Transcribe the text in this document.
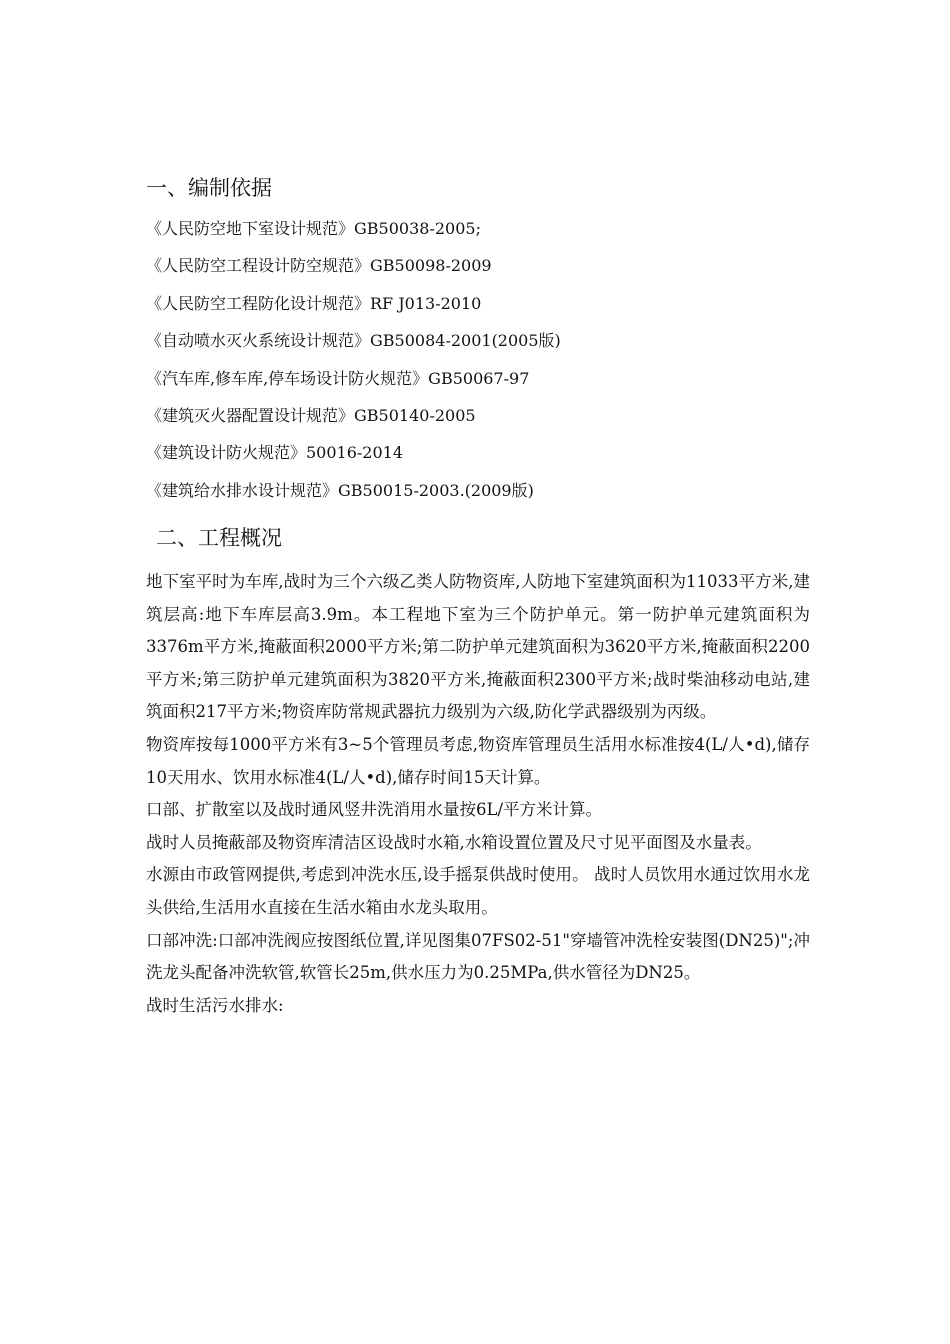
一、编制依据
《人民防空地下室设计规范》GB50038-2005;
《人民防空工程设计防空规范》GB50098-2009
《人民防空工程防化设计规范》RF J013-2010
《自动喷水灭火系统设计规范》GB50084-2001(2005版)
《汽车库,修车库,停车场设计防火规范》GB50067-97
《建筑灭火器配置设计规范》GB50140-2005
《建筑设计防火规范》50016-2014
《建筑给水排水设计规范》GB50015-2003.(2009版)
二、工程概况

地下室平时为车库,战时为三个六级乙类人防物资库,人防地下室建筑面积为11033平方米,建筑层高:地下车库层高3.9m。本工程地下室为三个防护单元。第一防护单元建筑面积为3376m平方米,掩蔽面积2000平方米;第二防护单元建筑面积为3620平方米,掩蔽面积2200平方米;第三防护单元建筑面积为3820平方米,掩蔽面积2300平方米;战时柴油移动电站,建筑面积217平方米;物资库防常规武器抗力级别为六级,防化学武器级别为丙级。

物资库按每1000平方米有3~5个管理员考虑,物资库管理员生活用水标准按4(L/人•d),储存10天用水、饮用水标准4(L/人•d),储存时间15天计算。

口部、扩散室以及战时通风竖井洗消用水量按6L/平方米计算。

战时人员掩蔽部及物资库清洁区设战时水箱,水箱设置位置及尺寸见平面图及水量表。

水源由市政管网提供,考虑到冲洗水压,设手摇泵供战时使用。 战时人员饮用水通过饮用水龙头供给,生活用水直接在生活水箱由水龙头取用。

口部冲洗:口部冲洗阀应按图纸位置,详见图集07FS02-51"穿墙管冲洗栓安装图(DN25)";冲洗龙头配备冲洗软管,软管长25m,供水压力为0.25MPa,供水管径为DN25。

战时生活污水排水:
